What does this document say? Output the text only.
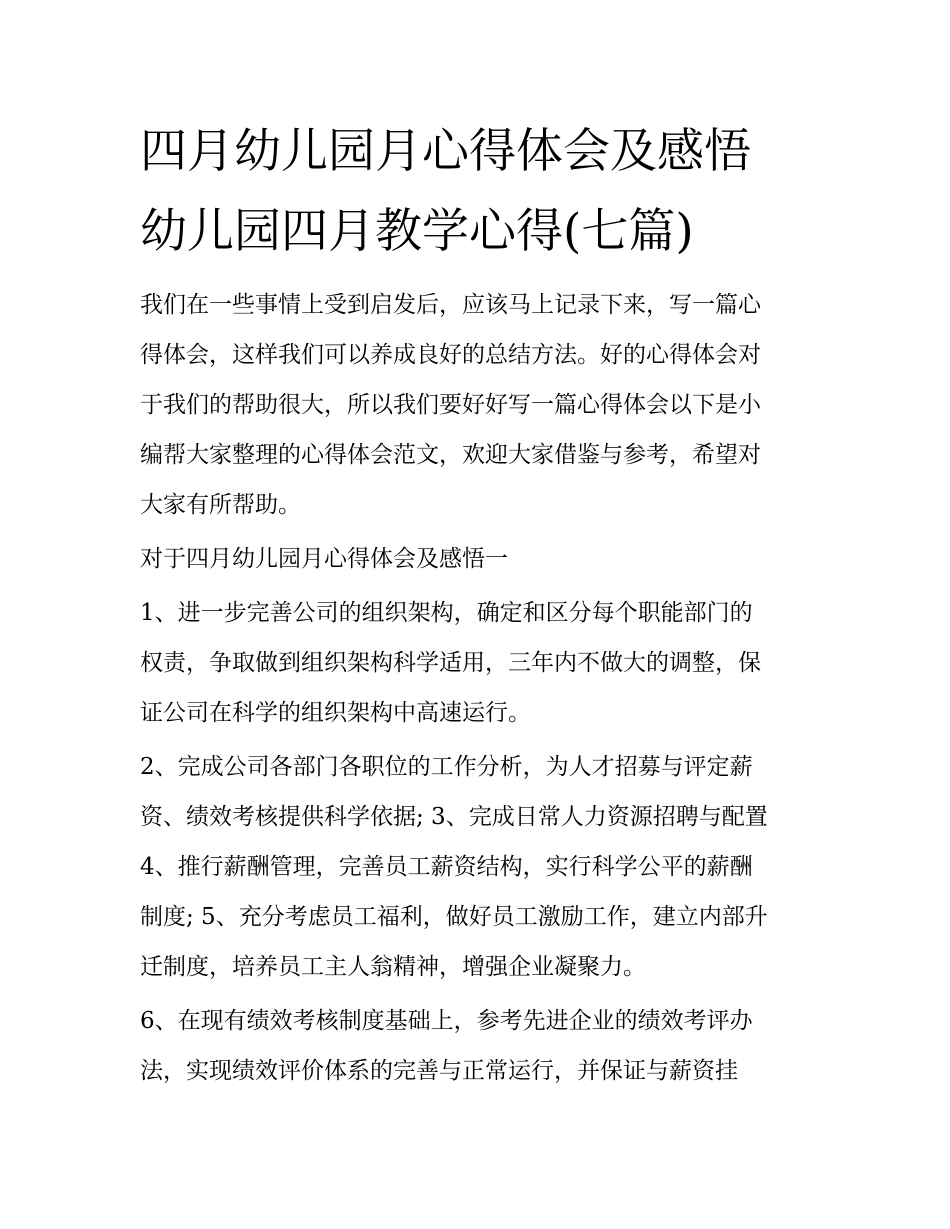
四月幼儿园月心得体会及感悟
幼儿园四月教学心得(七篇)

我们在一些事情上受到启发后，应该马上记录下来，写一篇心
得体会，这样我们可以养成良好的总结方法。好的心得体会对
于我们的帮助很大，所以我们要好好写一篇心得体会以下是小
编帮大家整理的心得体会范文，欢迎大家借鉴与参考，希望对
大家有所帮助。

对于四月幼儿园月心得体会及感悟一

1、进一步完善公司的组织架构，确定和区分每个职能部门的
权责，争取做到组织架构科学适用，三年内不做大的调整，保
证公司在科学的组织架构中高速运行。

2、完成公司各部门各职位的工作分析，为人才招募与评定薪
资、绩效考核提供科学依据; 3、完成日常人力资源招聘与配置
4、推行薪酬管理，完善员工薪资结构，实行科学公平的薪酬
制度; 5、充分考虑员工福利，做好员工激励工作，建立内部升
迁制度，培养员工主人翁精神，增强企业凝聚力。

6、在现有绩效考核制度基础上，参考先进企业的绩效考评办
法，实现绩效评价体系的完善与正常运行，并保证与薪资挂
